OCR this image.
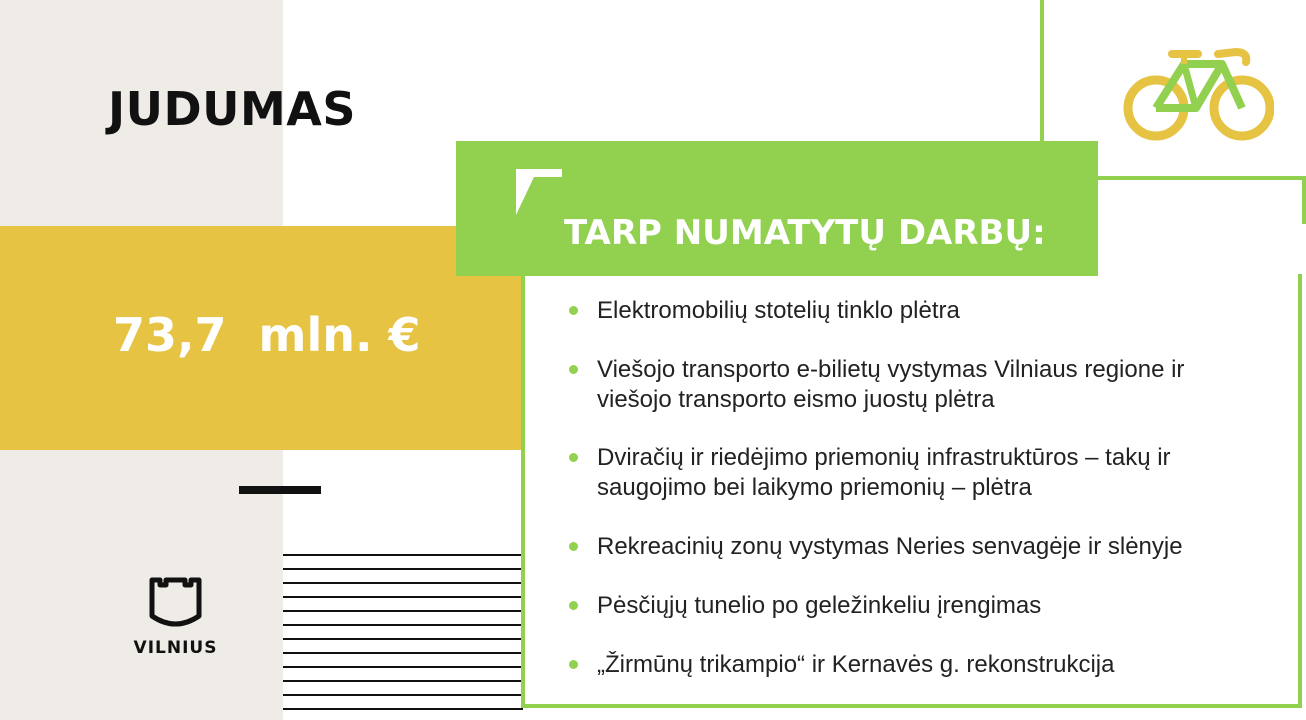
JUDUMAS
73,7  mln. €	Elektromobilių stotelių tinklo plėtra
Viešojo transporto e-bilietų vystymas Vilniaus regione ir
viešojo transporto eismo juostų plėtra
Dviračių ir riedėjimo priemonių infrastruktūros – takų ir
saugojimo bei laikymo priemonių – plėtra
Rekreacinių zonų vystymas Neries senvagėje ir slėnyje
Pėsčiųjų tunelio po geležinkeliu įrengimas
„Žirmūnų trikampio“ ir Kernavės g. rekonstrukcija
TARP NUMATYTŲ DARBŲ:
VILNIUS
